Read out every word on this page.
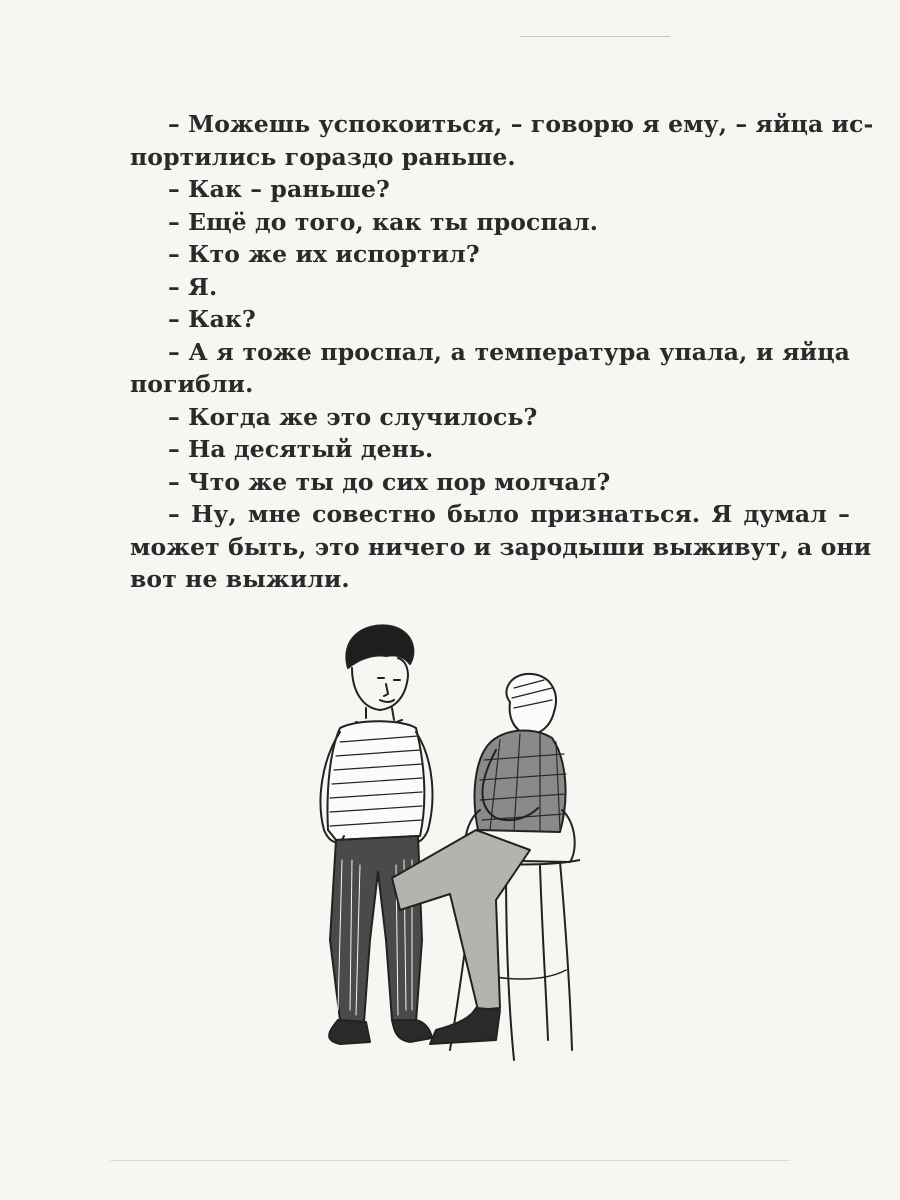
– Можешь успокоиться, – говорю я ему, – яйца ис-
портились гораздо раньше.
– Как – раньше?
– Ещё до того, как ты проспал.
– Кто же их испортил?
– Я.
– Как?
– А я тоже проспал, а температура упала, и яйца
погибли.
– Когда же это случилось?
– На десятый день.
– Что же ты до сих пор молчал?
– Ну, мне совестно было признаться. Я думал –
может быть, это ничего и зародыши выживут, а они
вот не выжили.
